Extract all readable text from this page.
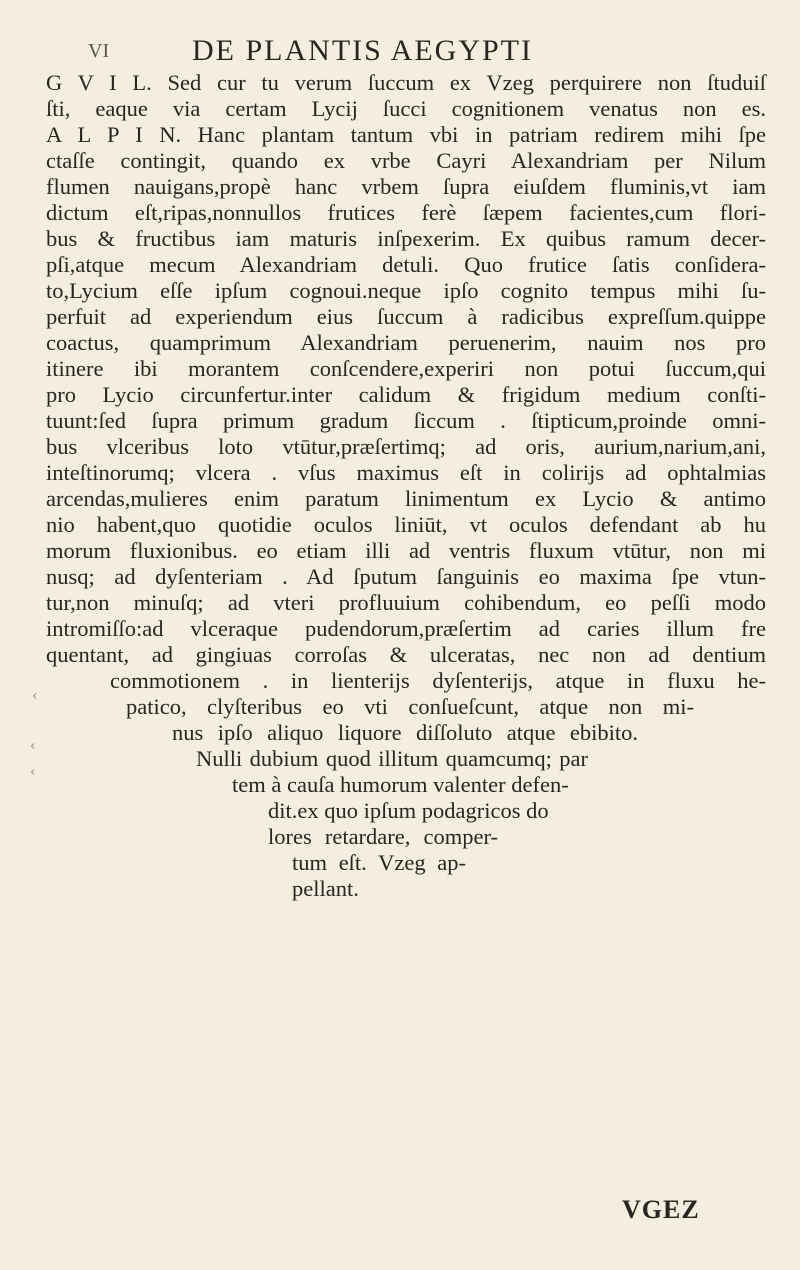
VI	DE PLANTIS AEGYPTI
G V I L. Sed cur tu verum ſuccum ex Vzeg perquirere non ſtuduiſ
ſti, eaque via certam Lycij ſucci cognitionem venatus non es.
A L P I N. Hanc plantam tantum vbi in patriam redirem mihi ſpe
ctaſſe contingit, quando ex vrbe Cayri Alexandriam per Nilum
flumen nauigans,propè hanc vrbem ſupra eiuſdem fluminis,vt iam
dictum eſt,ripas,nonnullos frutices ferè ſæpem facientes,cum flori-
bus & fructibus iam maturis inſpexerim. Ex quibus ramum decer-
pſi,atque mecum Alexandriam detuli. Quo frutice ſatis conſidera-
to,Lycium eſſe ipſum cognoui.neque ipſo cognito tempus mihi ſu-
perfuit ad experiendum eius ſuccum à radicibus expreſſum.quippe
coactus, quamprimum Alexandriam peruenerim, nauim nos pro
itinere ibi morantem conſcendere,experiri non potui ſuccum,qui
pro Lycio circunfertur.inter calidum & frigidum medium conſti-
tuunt:ſed ſupra primum gradum ſiccum . ſtipticum,proinde omni-
bus vlceribus loto vtūtur,præſertimq; ad oris, aurium,narium,ani,
inteſtinorumq; vlcera . vſus maximus eſt in colirijs ad ophtalmias
arcendas,mulieres enim paratum linimentum ex Lycio & antimo
nio habent,quo quotidie oculos liniūt, vt oculos defendant ab hu
morum fluxionibus. eo etiam illi ad ventris fluxum vtūtur, non mi
nusq; ad dyſenteriam . Ad ſputum ſanguinis eo maxima ſpe vtun-
tur,non minuſq; ad vteri profluuium cohibendum, eo peſſi modo
intromiſſo:ad vlceraque pudendorum,præſertim ad caries illum fre
quentant, ad gingiuas corroſas & ulceratas, nec non ad dentium
commotionem . in lienterijs dyſenterijs, atque in fluxu he-
patico, clyſteribus eo vti conſueſcunt, atque non mi-
nus ipſo aliquo liquore diſſoluto atque ebibito.
Nulli dubium quod illitum quamcumq; par
tem à cauſa humorum valenter defen-
dit.ex quo ipſum podagricos do
lores retardare, comper-
tum eſt. Vzeg ap-
pellant.
‹
‹
‹
VGEZ
